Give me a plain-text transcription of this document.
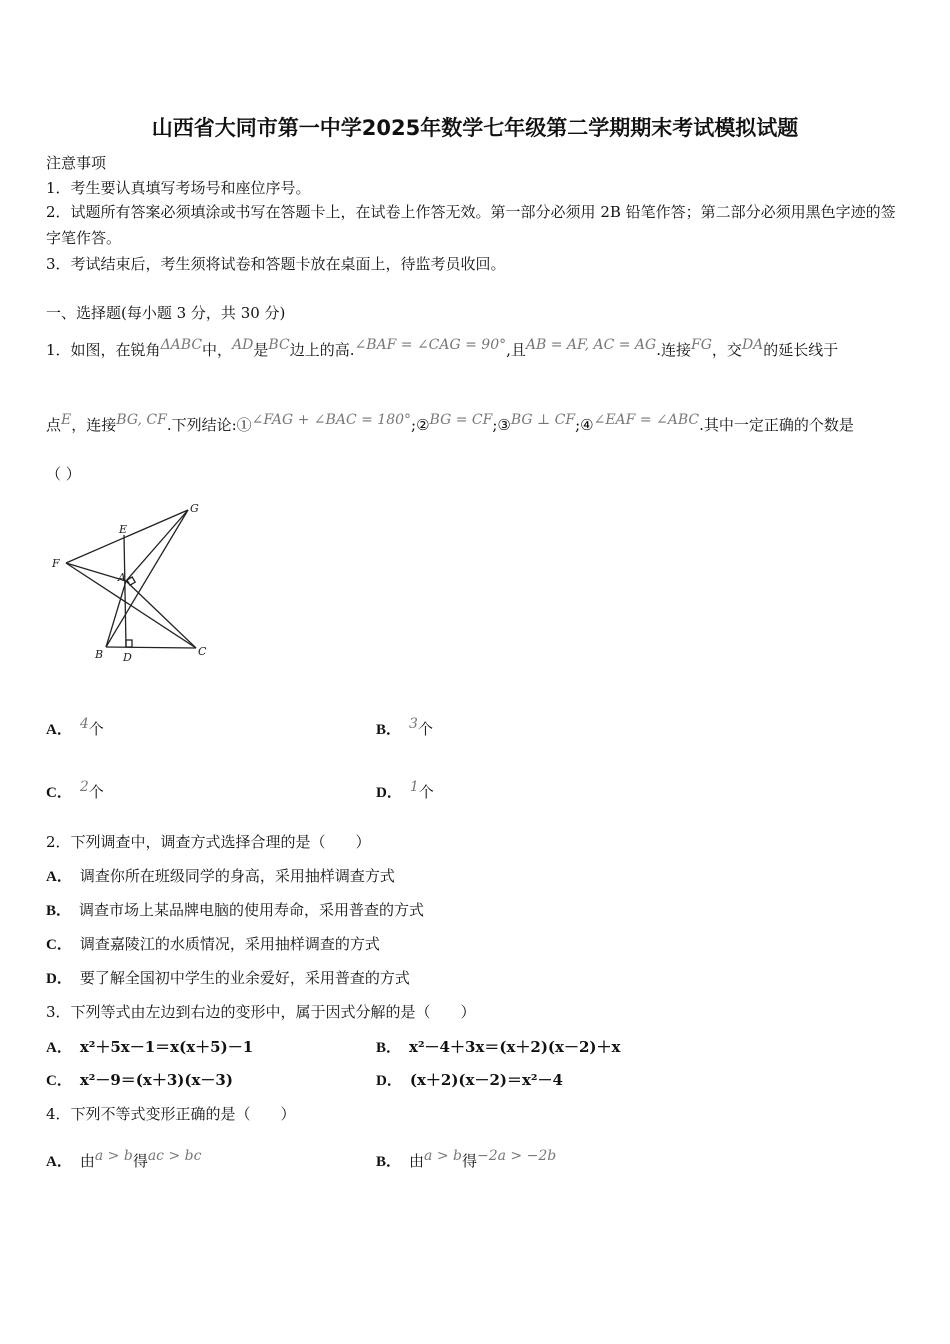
山西省大同市第一中学2025年数学七年级第二学期期末考试模拟试题
注意事项
1．考生要认真填写考场号和座位序号。
2．试题所有答案必须填涂或书写在答题卡上，在试卷上作答无效。第一部分必须用 2B 铅笔作答；第二部分必须用黑色字迹的签字笔作答。
3．考试结束后，考生须将试卷和答题卡放在桌面上，待监考员收回。
一、选择题(每小题 3 分，共 30 分)
1．如图，在锐角ΔABC中，AD是BC边上的高.∠BAF = ∠CAG = 90°,且AB = AF, AC = AG.连接FG，交DA的延长线于
点E，连接BG, CF.下列结论:①∠FAG + ∠BAC = 180°;②BG = CF;③BG ⊥ CF;④∠EAF = ∠ABC.其中一定正确的个数是
（ ）
G
E
F
A
B D	C
A． 4个	B． 3个
C． 2个	D． 1个
2．下列调查中，调查方式选择合理的是（　　）
A． 调查你所在班级同学的身高，采用抽样调查方式
B． 调查市场上某品牌电脑的使用寿命，采用普查的方式
C． 调查嘉陵江的水质情况，采用抽样调查的方式
D． 要了解全国初中学生的业余爱好，采用普查的方式
3．下列等式由左边到右边的变形中，属于因式分解的是（　　）
A． x²＋5x－1＝x(x＋5)－1	B． x²－4＋3x＝(x＋2)(x－2)＋x
C． x²－9＝(x＋3)(x－3)	D． (x＋2)(x－2)＝x²－4
4．下列不等式变形正确的是（　　）
A． 由a > b得ac > bc	B． 由a > b得−2a > −2b
